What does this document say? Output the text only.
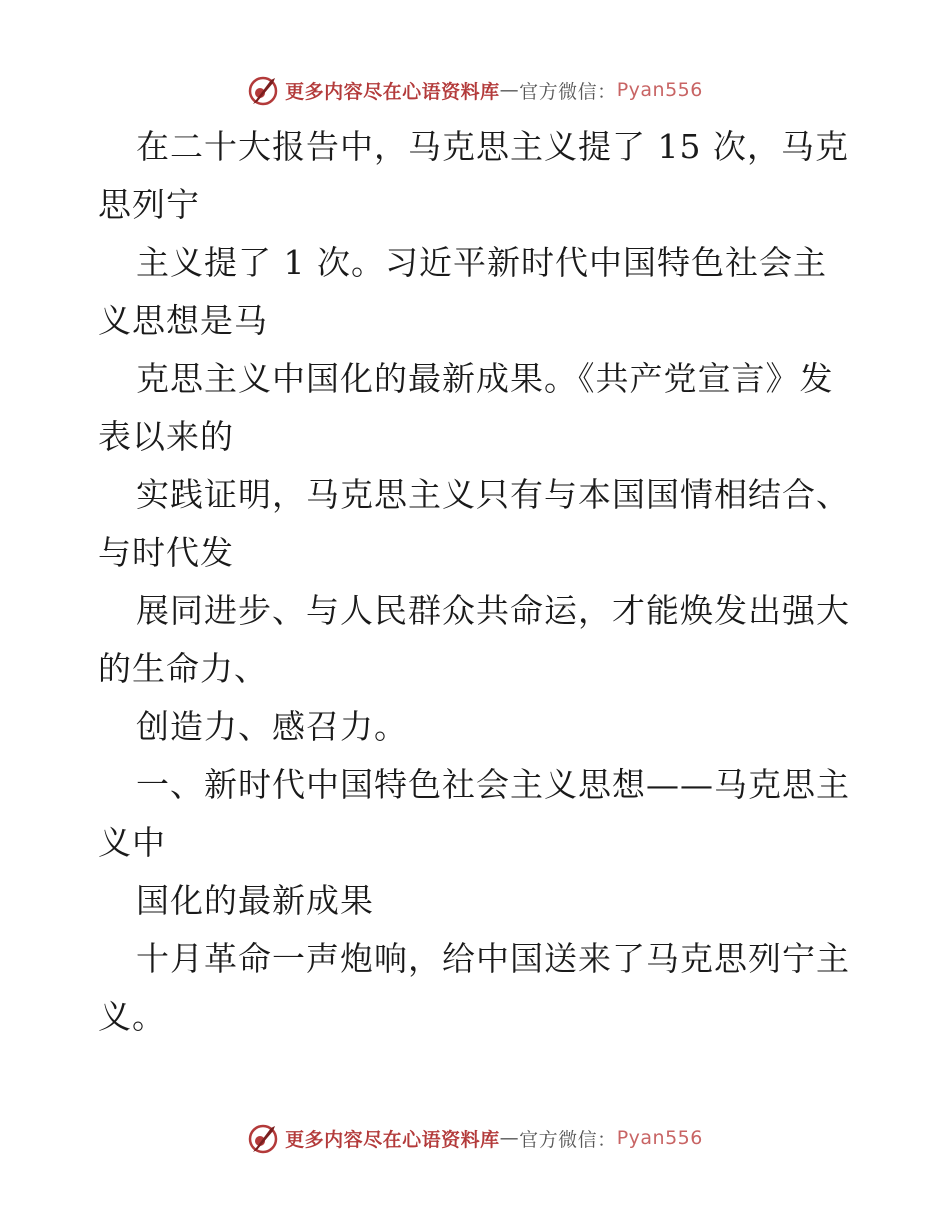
更多内容尽在心语资料库 — 官方微信： Pyan556
在二十大报告中，马克思主义提了 15 次，马克
思列宁
主义提了 1 次。习近平新时代中国特色社会主
义思想是马
克思主义中国化的最新成果。《共产党宣言》发
表以来的
实践证明，马克思主义只有与本国国情相结合、
与时代发
展同进步、与人民群众共命运，才能焕发出强大
的生命力、
创造力、感召力。
一、新时代中国特色社会主义思想——马克思主
义中
国化的最新成果
十月革命一声炮响，给中国送来了马克思列宁主
义。
更多内容尽在心语资料库 — 官方微信： Pyan556
